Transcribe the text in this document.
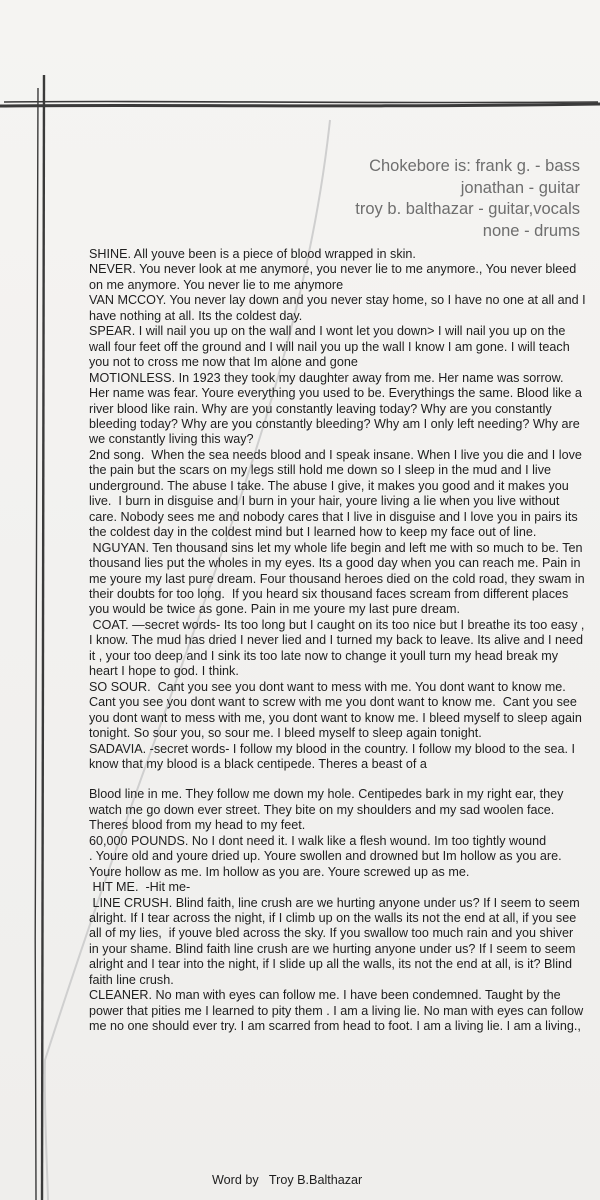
Chokebore is: frank g. - bass
jonathan - guitar
troy b. balthazar - guitar,vocals
none - drums

SHINE. All youve been is a piece of blood wrapped in skin.

NEVER. You never look at me anymore, you never lie to me anymore., You never bleed on me anymore. You never lie to me anymore

VAN MCCOY. You never lay down and you never stay home, so I have no one at all and I have nothing at all. Its the coldest day.

SPEAR. I will nail you up on the wall and I wont let you down> I will nail you up on the wall four feet off the ground and I will nail you up the wall I know I am gone. I will teach you not to cross me now that Im alone and gone

MOTIONLESS. In 1923 they took my daughter away from me. Her name was sorrow. Her name was fear. Youre everything you used to be. Everythings the same. Blood like a river blood like rain. Why are you constantly leaving today? Why are you constantly bleeding today? Why are you constantly bleeding? Why am I only left needing? Why are we constantly living this way?

2nd song.  When the sea needs blood and I speak insane. When I live you die and I love the pain but the scars on my legs still hold me down so I sleep in the mud and I live underground. The abuse I take. The abuse I give, it makes you good and it makes you live.  I burn in disguise and I burn in your hair, youre living a lie when you live without care. Nobody sees me and nobody cares that I live in disguise and I love you in pairs its the coldest day in the coldest mind but I learned how to keep my face out of line.

NGUYAN. Ten thousand sins let my whole life begin and left me with so much to be. Ten thousand lies put the wholes in my eyes. Its a good day when you can reach me. Pain in me youre my last pure dream. Four thousand heroes died on the cold road, they swam in their doubts for too long.  If you heard six thousand faces scream from different places you would be twice as gone. Pain in me youre my last pure dream.

COAT. —secret words- Its too long but I caught on its too nice but I breathe its too easy , I know. The mud has dried I never lied and I turned my back to leave. Its alive and I need it , your too deep and I sink its too late now to change it youll turn my head break my heart I hope to god. I think.

SO SOUR.  Cant you see you dont want to mess with me. You dont want to know me. Cant you see you dont want to screw with me you dont want to know me.  Cant you see you dont want to mess with me, you dont want to know me. I bleed myself to sleep again tonight. So sour you, so sour me. I bleed myself to sleep again tonight.

SADAVIA. -secret words- I follow my blood in the country. I follow my blood to the sea. I know that my blood is a black centipede. Theres a beast of a

Blood line in me. They follow me down my hole. Centipedes bark in my right ear, they watch me go down ever street. They bite on my shoulders and my sad woolen face. Theres blood from my head to my feet.

60,000 POUNDS. No I dont need it. I walk like a flesh wound. Im too tightly wound

. Youre old and youre dried up. Youre swollen and drowned but Im hollow as you are. Youre hollow as me. Im hollow as you are. Youre screwed up as me.

HIT ME.  -Hit me-

LINE CRUSH. Blind faith, line crush are we hurting anyone under us? If I seem to seem alright. If I tear across the night, if I climb up on the walls its not the end at all, if you see all of my lies,  if youve bled across the sky. If you swallow too much rain and you shiver in your shame. Blind faith line crush are we hurting anyone under us? If I seem to seem alright and I tear into the night, if I slide up all the walls, its not the end at all, is it? Blind faith line crush.

CLEANER. No man with eyes can follow me. I have been condemned. Taught by the power that pities me I learned to pity them . I am a living lie. No man with eyes can follow me no one should ever try. I am scarred from head to foot. I am a living lie. I am a living.,

Word by   Troy B.Balthazar
